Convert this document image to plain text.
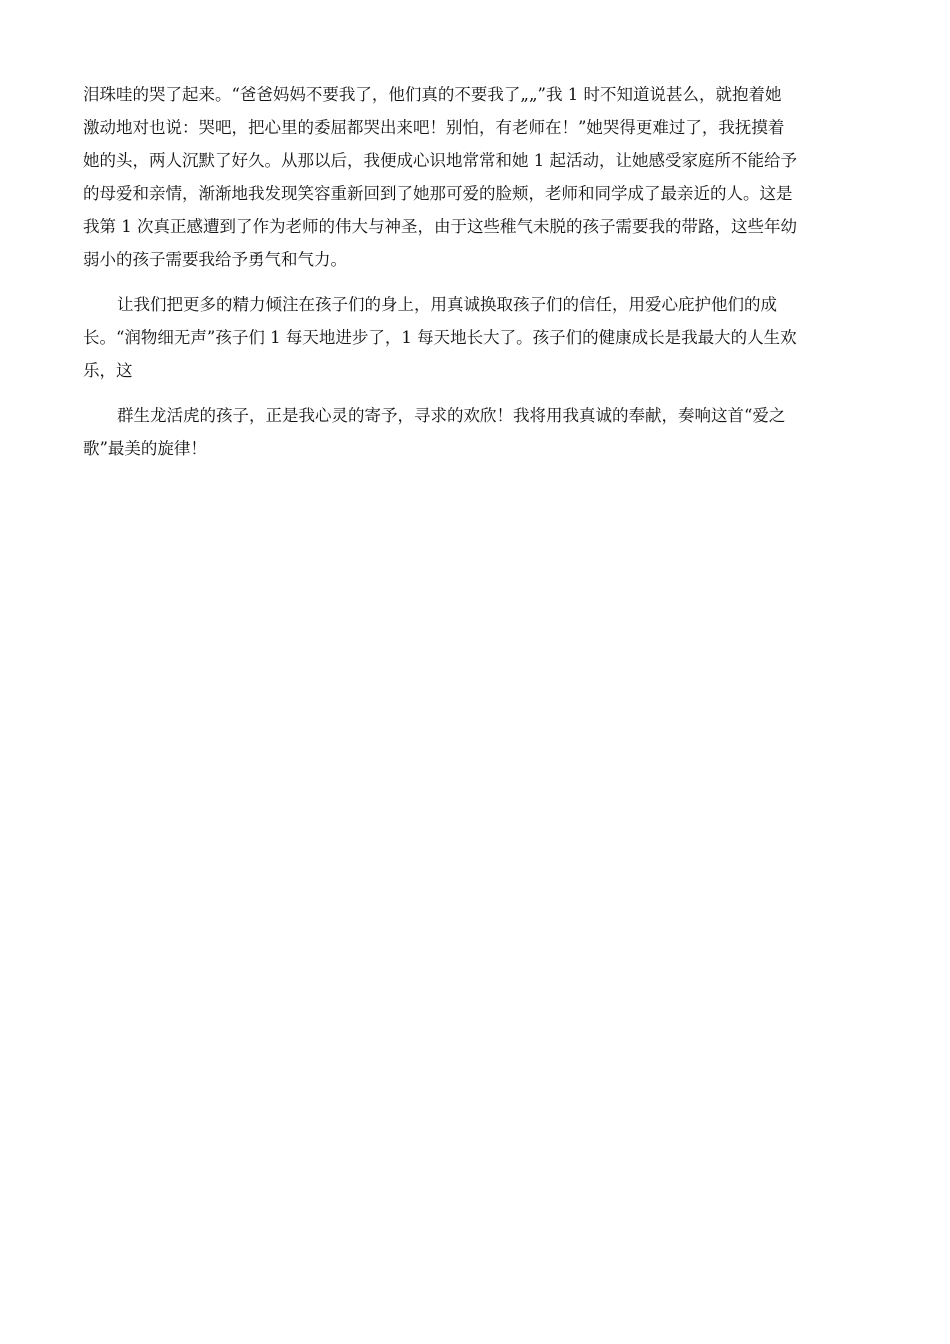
泪珠哇的哭了起来。“爸爸妈妈不要我了，他们真的不要我了„„”我 1 时不知道说甚么，就抱着她
激动地对也说：哭吧，把心里的委屈都哭出来吧！别怕，有老师在！”她哭得更难过了，我抚摸着
她的头，两人沉默了好久。从那以后，我便成心识地常常和她 1 起活动，让她感受家庭所不能给予
的母爱和亲情，渐渐地我发现笑容重新回到了她那可爱的脸颊，老师和同学成了最亲近的人。这是
我第 1 次真正感遭到了作为老师的伟大与神圣，由于这些稚气未脱的孩子需要我的带路，这些年幼
弱小的孩子需要我给予勇气和气力。

让我们把更多的精力倾注在孩子们的身上，用真诚换取孩子们的信任，用爱心庇护他们的成
长。“润物细无声”孩子们 1 每天地进步了，1 每天地长大了。孩子们的健康成长是我最大的人生欢
乐，这

群生龙活虎的孩子，正是我心灵的寄予，寻求的欢欣！我将用我真诚的奉献，奏响这首“爱之
歌”最美的旋律！
